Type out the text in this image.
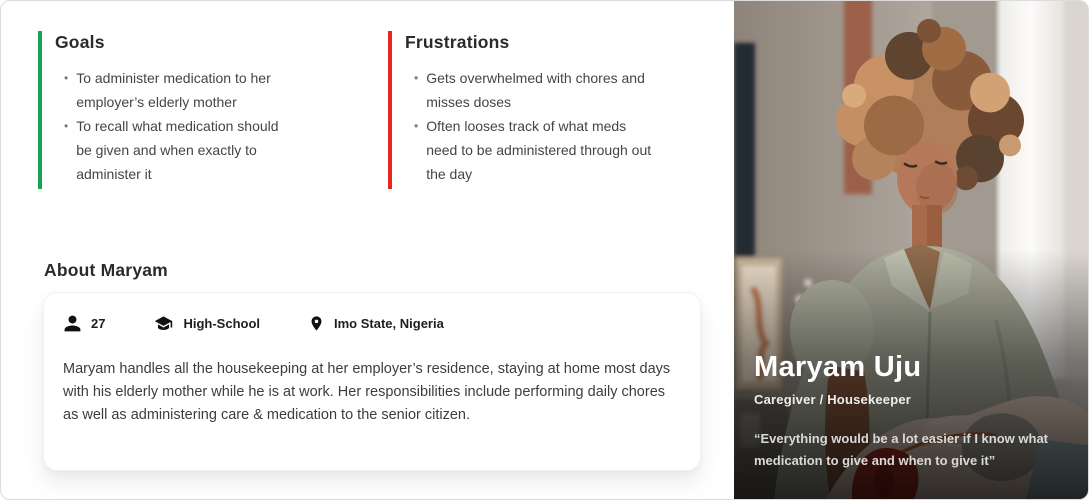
Goals
• To administer medication to her employer’s elderly mother
• To recall what medication should be given and when exactly to administer it
Frustrations
• Gets overwhelmed with chores and misses doses
• Often looses track of what meds need to be administered through out the day
About Maryam
27	High-School	Imo State, Nigeria

Maryam handles all the housekeeping at her employer’s residence, staying at home most days with his elderly mother while he is at work. Her responsibilities include performing daily chores as well as administering care & medication to the senior citizen.

Maryam Uju

Caregiver / Housekeeper

“Everything would be a lot easier if I know what medication to give and when to give it”
